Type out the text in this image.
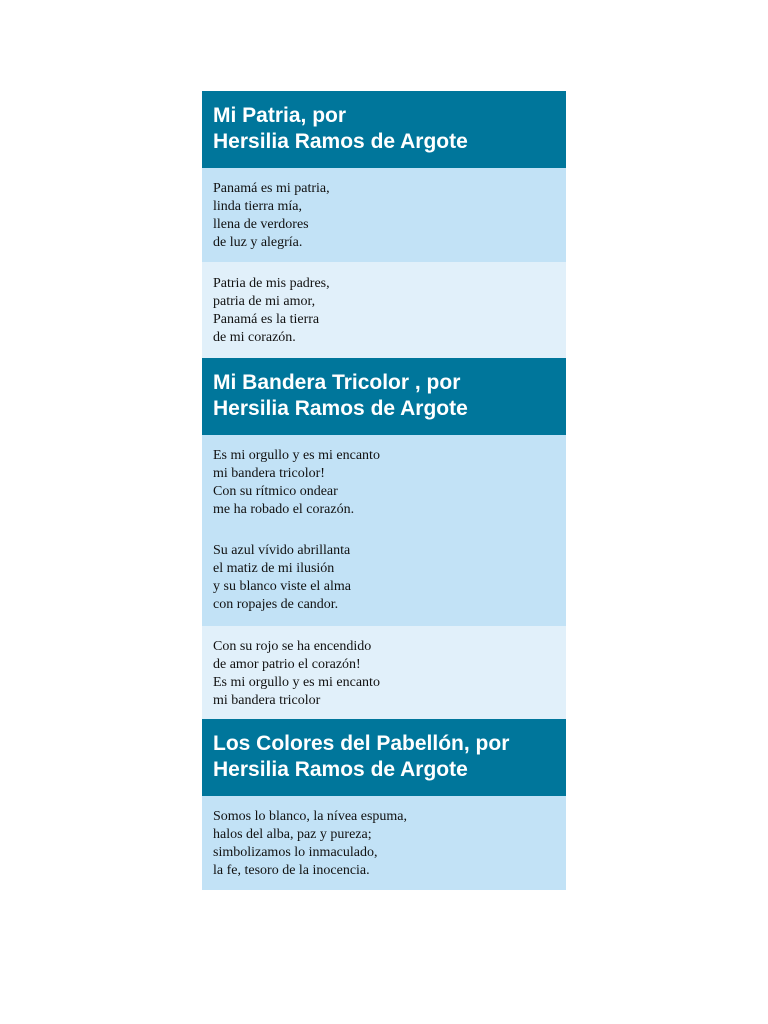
Mi Patria, por
Hersilia Ramos de Argote
Panamá es mi patria,
linda tierra mía,
llena de verdores
de luz y alegría.
Patria de mis padres,
patria de mi amor,
Panamá es la tierra
de mi corazón.
Mi Bandera Tricolor , por
Hersilia Ramos de Argote
Es mi orgullo y es mi encanto
mi bandera tricolor!
Con su rítmico ondear
me ha robado el corazón.
Su azul vívido abrillanta
el matiz de mi ilusión
y su blanco viste el alma
con ropajes de candor.
Con su rojo se ha encendido
de amor patrio el corazón!
Es mi orgullo y es mi encanto
mi bandera tricolor
Los Colores del Pabellón, por
Hersilia Ramos de Argote
Somos lo blanco, la nívea espuma,
halos del alba, paz y pureza;
simbolizamos lo inmaculado,
la fe, tesoro de la inocencia.
